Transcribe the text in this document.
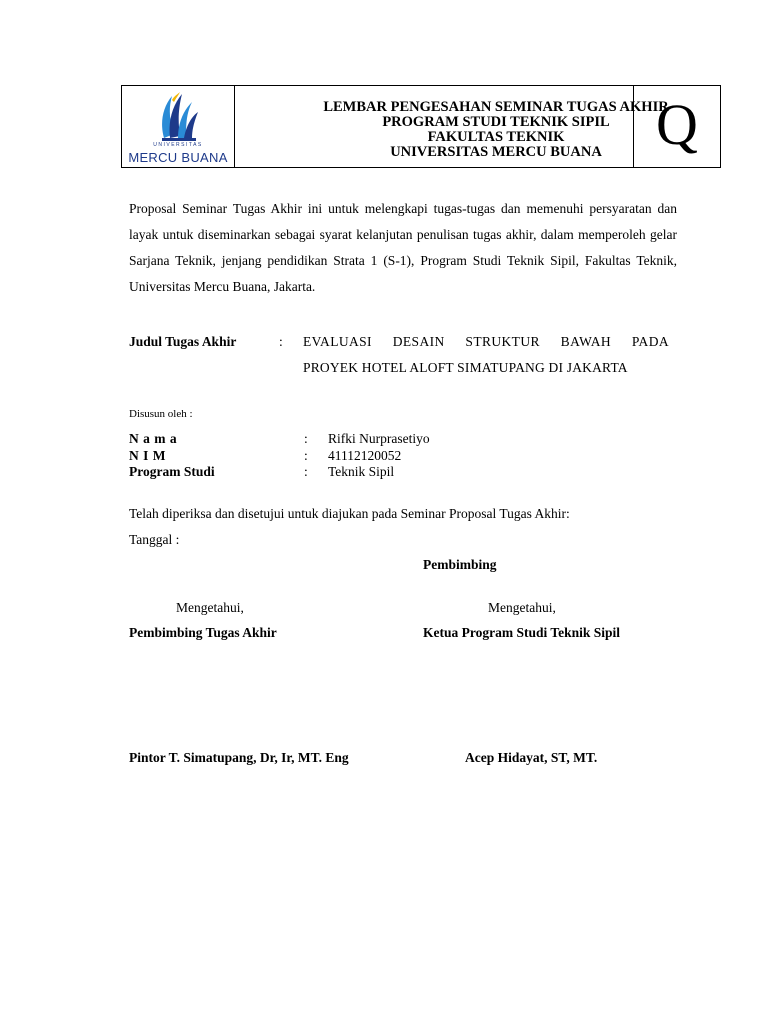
UNIVERSITAS
MERCU BUANA
LEMBAR PENGESAHAN SEMINAR TUGAS AKHIR
PROGRAM STUDI TEKNIK SIPIL
FAKULTAS TEKNIK
UNIVERSITAS MERCU BUANA Q
Proposal Seminar Tugas Akhir ini untuk melengkapi tugas-tugas dan memenuhi persyaratan dan layak untuk diseminarkan sebagai syarat kelanjutan penulisan tugas akhir, dalam memperoleh gelar Sarjana Teknik, jenjang pendidikan Strata 1 (S-1), Program Studi Teknik Sipil, Fakultas Teknik, Universitas Mercu Buana, Jakarta.
Judul Tugas Akhir	: EVALUASI DESAIN STRUKTUR BAWAH PADA
PROYEK HOTEL ALOFT SIMATUPANG DI JAKARTA
Disusun oleh :
N a m a	: Rifki Nurprasetiyo
N I M	: 41112120052
Program Studi	: Teknik Sipil
Telah diperiksa dan disetujui untuk diajukan pada Seminar Proposal Tugas Akhir:
Tanggal :
Pembimbing
Mengetahui,	Mengetahui,
Pembimbing Tugas Akhir	Ketua Program Studi Teknik Sipil
Pintor T. Simatupang, Dr, Ir, MT. Eng	Acep Hidayat, ST, MT.
